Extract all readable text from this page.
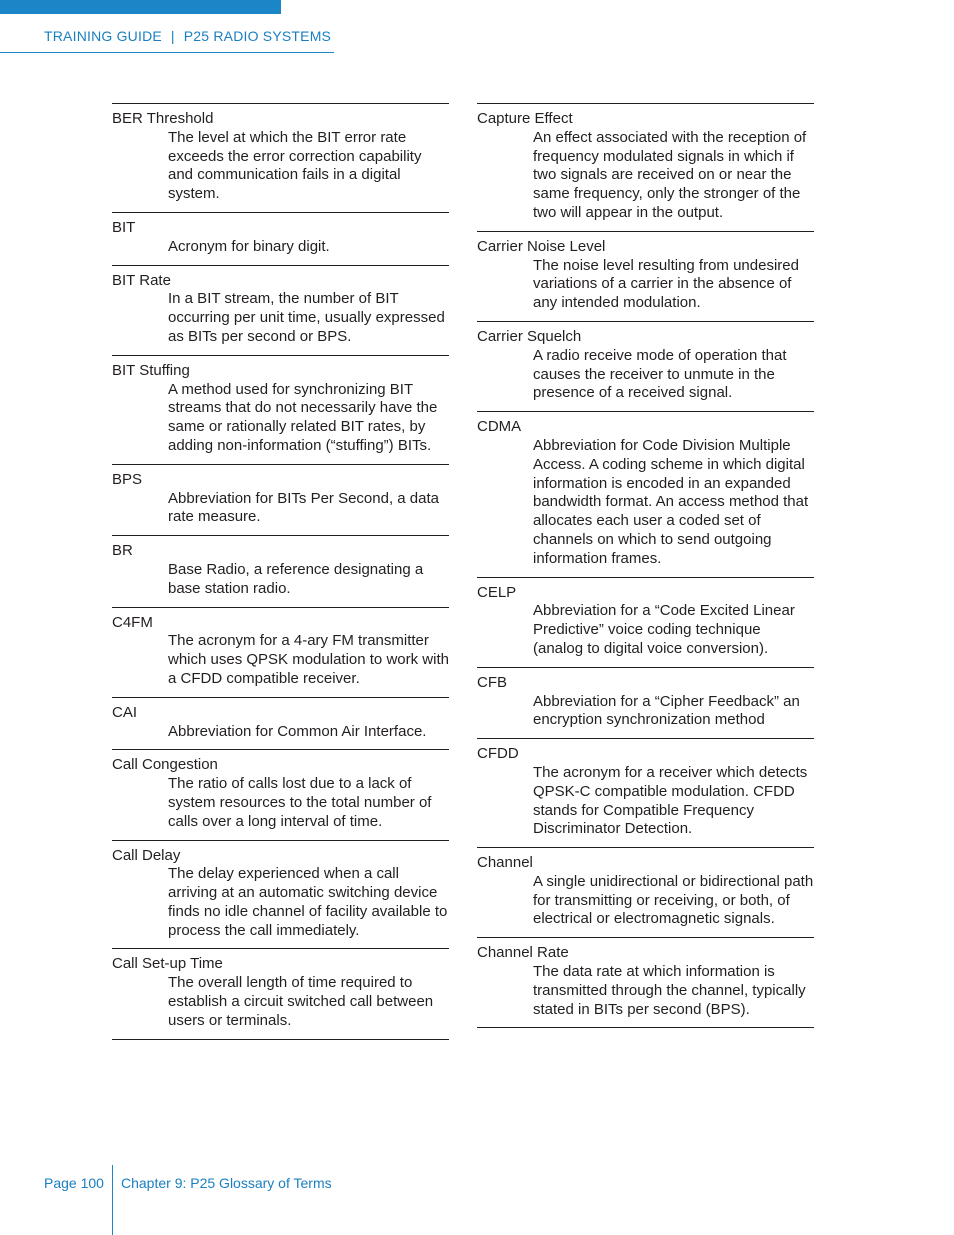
TRAINING GUIDE | P25 RADIO SYSTEMS
BER Threshold
The level at which the BIT error rate exceeds the error correction capability and communication fails in a digital system.
BIT
Acronym for binary digit.
BIT Rate
In a BIT stream, the number of BIT occurring per unit time, usually expressed as BITs per second or BPS.
BIT Stuffing
A method used for synchronizing BIT streams that do not necessarily have the same or rationally related BIT rates, by adding non-information (“stuffing”) BITs.
BPS
Abbreviation for BITs Per Second, a data rate measure.
BR
Base Radio, a reference designating a base station radio.
C4FM
The acronym for a 4-ary FM transmitter which uses QPSK modulation to work with a CFDD compatible receiver.
CAI
Abbreviation for Common Air Interface.
Call Congestion
The ratio of calls lost due to a lack of system resources to the total number of calls over a long interval of time.
Call Delay
The delay experienced when a call arriving at an automatic switching device finds no idle channel of facility available to process the call immediately.
Call Set-up Time
The overall length of time required to establish a circuit switched call between users or terminals.
Capture Effect
An effect associated with the reception of frequency modulated signals in which if two signals are received on or near the same frequency, only the stronger of the two will appear in the output.
Carrier Noise Level
The noise level resulting from undesired variations of a carrier in the absence of any intended modulation.
Carrier Squelch
A radio receive mode of operation that causes the receiver to unmute in the presence of a received signal.
CDMA
Abbreviation for Code Division Multiple Access. A coding scheme in which digital information is encoded in an expanded bandwidth format. An access method that allocates each user a coded set of channels on which to send outgoing information frames.
CELP
Abbreviation for a “Code Excited Linear Predictive” voice coding technique (analog to digital voice conversion).
CFB
Abbreviation for a “Cipher Feedback” an encryption synchronization method
CFDD
The acronym for a receiver which detects QPSK-C compatible modulation. CFDD stands for Compatible Frequency Discriminator Detection.
Channel
A single unidirectional or bidirectional path for transmitting or receiving, or both, of electrical or electromagnetic signals.
Channel Rate
The data rate at which information is transmitted through the channel, typically stated in BITs per second (BPS).
Page 100 Chapter 9: P25 Glossary of Terms
